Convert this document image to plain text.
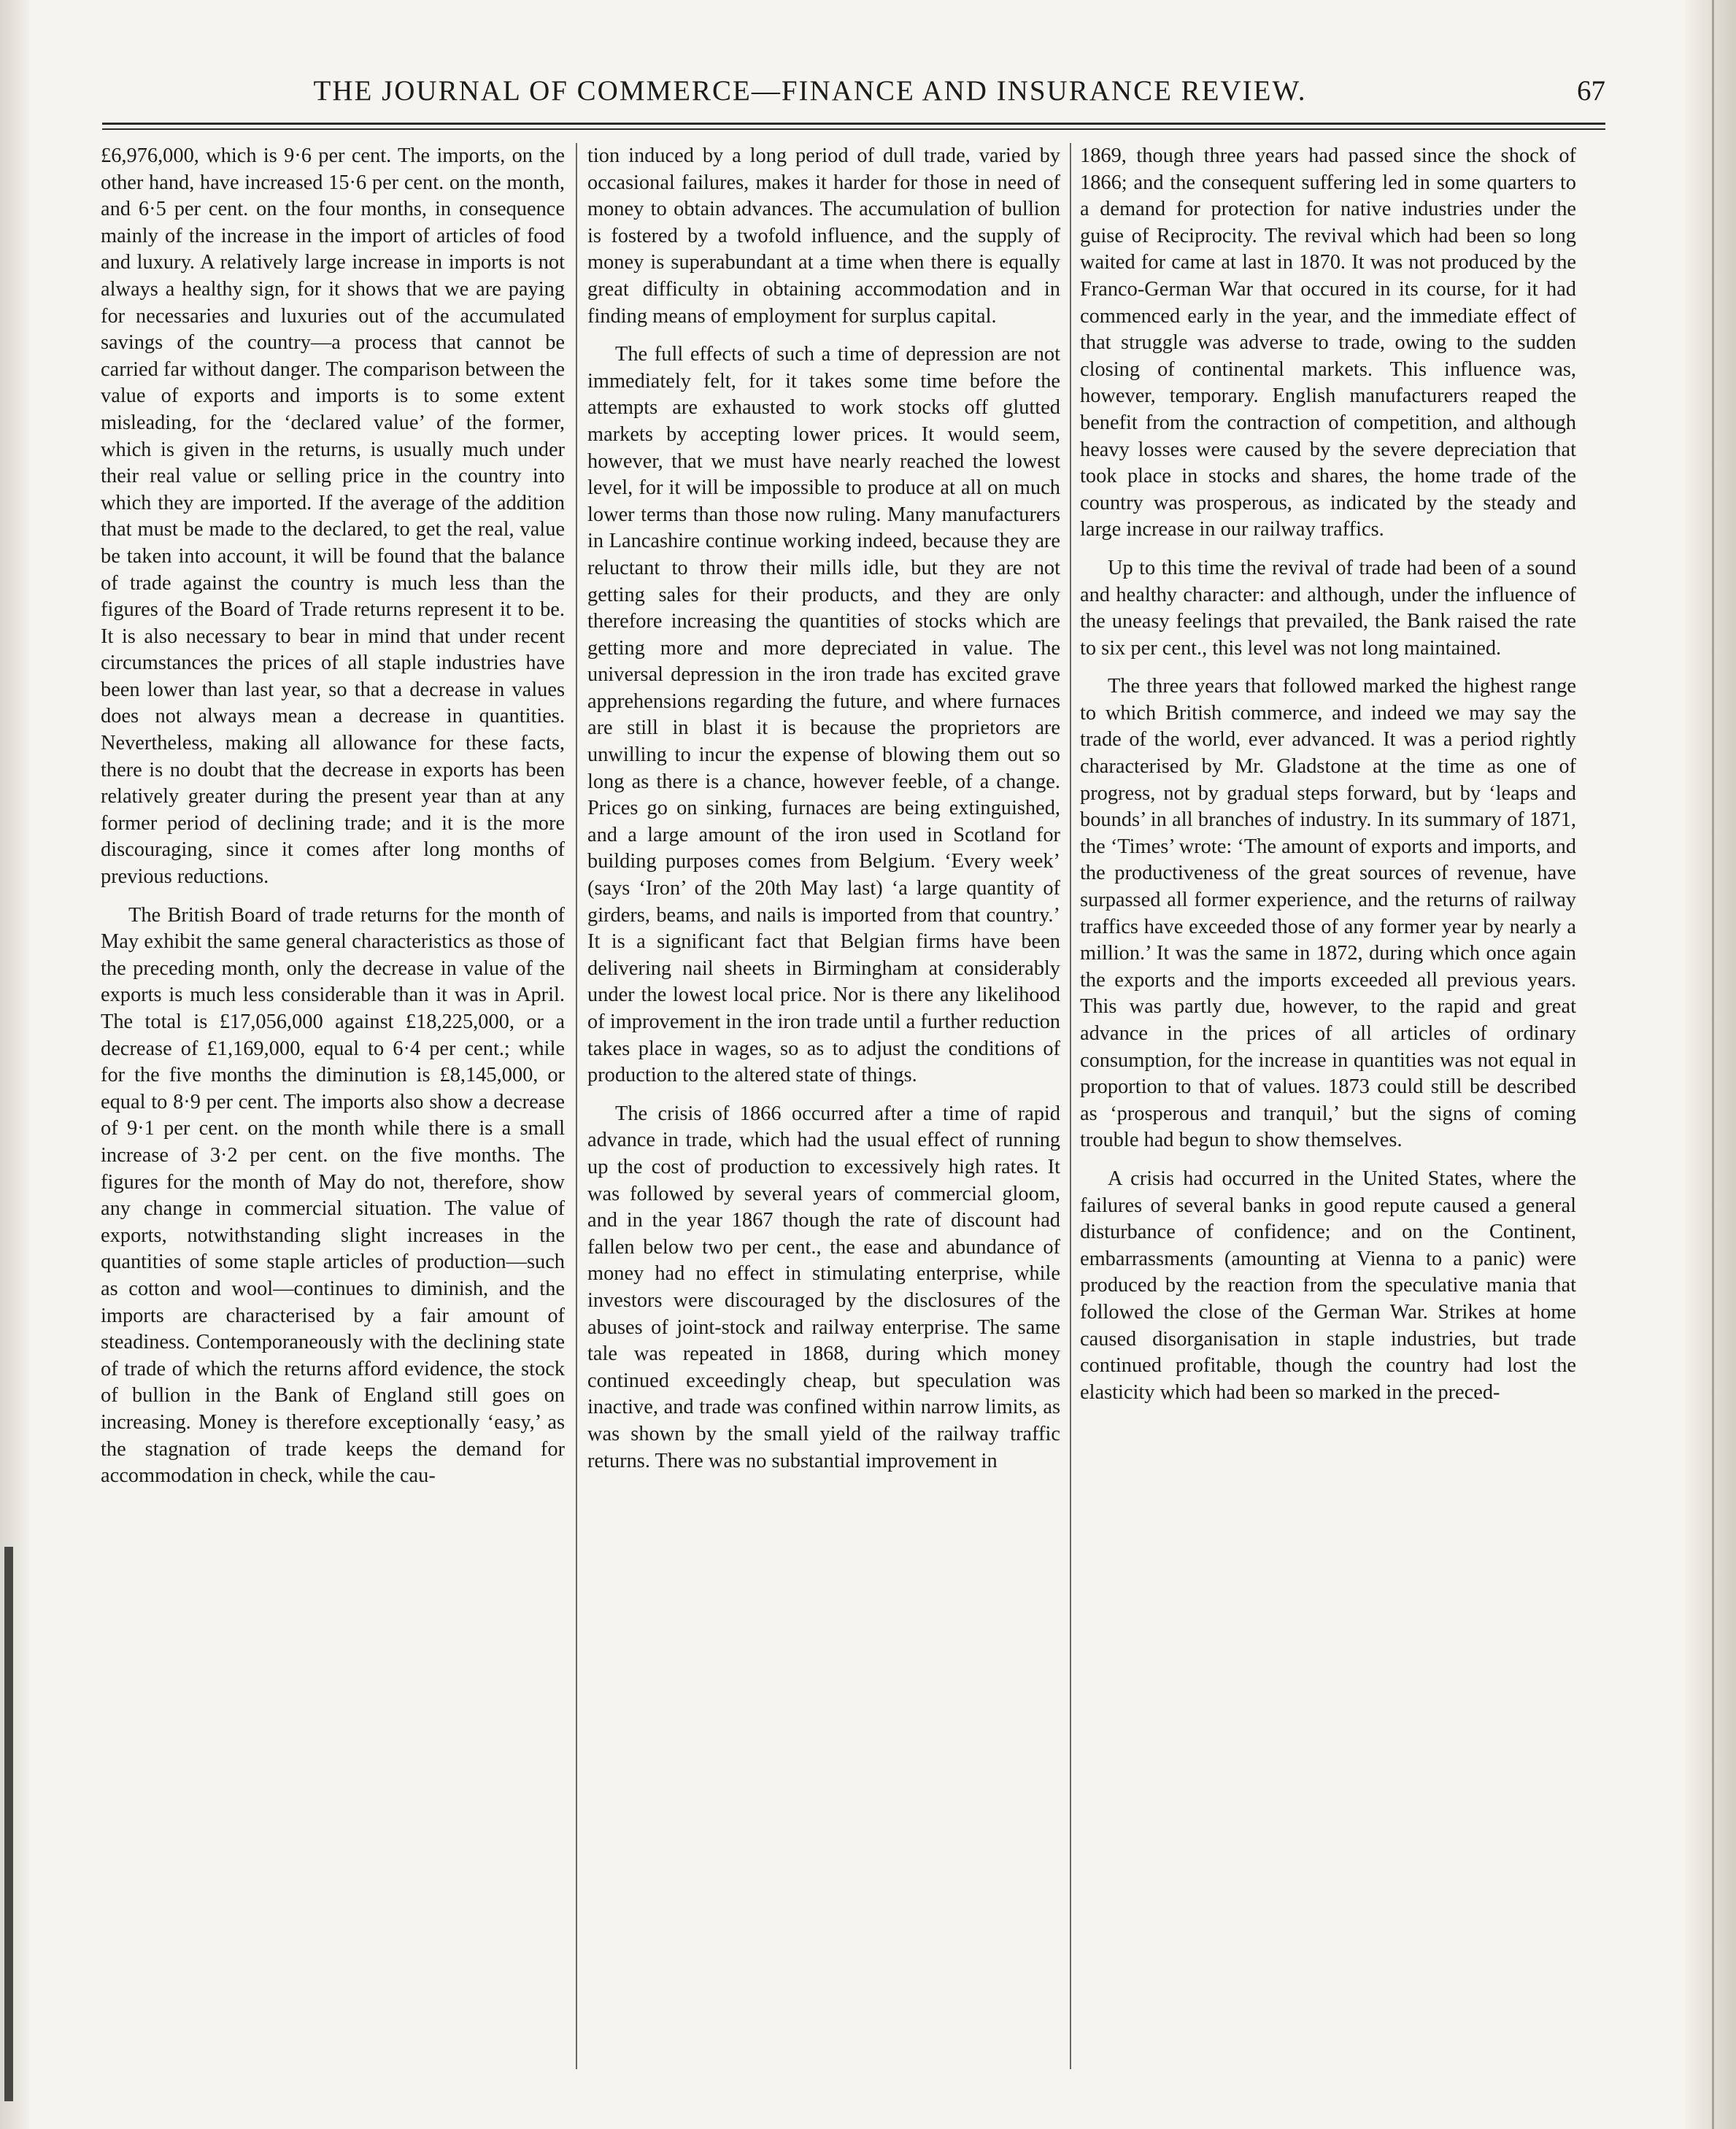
THE JOURNAL OF COMMERCE—FINANCE AND INSURANCE REVIEW.	67

£6,976,000, which is 9·6 per cent. The imports, on the other hand, have increased 15·6 per cent. on the month, and 6·5 per cent. on the four months, in consequence mainly of the increase in the import of articles of food and luxury. A relatively large increase in imports is not always a healthy sign, for it shows that we are paying for necessaries and luxuries out of the accumulated savings of the country—a process that cannot be carried far without danger. The comparison between the value of exports and imports is to some extent misleading, for the ‘declared value’ of the former, which is given in the returns, is usually much under their real value or selling price in the country into which they are imported. If the average of the addition that must be made to the declared, to get the real, value be taken into account, it will be found that the balance of trade against the country is much less than the figures of the Board of Trade returns represent it to be. It is also necessary to bear in mind that under recent circumstances the prices of all staple industries have been lower than last year, so that a decrease in values does not always mean a decrease in quantities. Nevertheless, making all allowance for these facts, there is no doubt that the decrease in exports has been relatively greater during the present year than at any former period of declining trade; and it is the more discouraging, since it comes after long months of previous reductions.

The British Board of trade returns for the month of May exhibit the same general characteristics as those of the preceding month, only the decrease in value of the exports is much less considerable than it was in April. The total is £17,056,000 against £18,225,000, or a decrease of £1,169,000, equal to 6·4 per cent.; while for the five months the diminution is £8,145,000, or equal to 8·9 per cent. The imports also show a decrease of 9·1 per cent. on the month while there is a small increase of 3·2 per cent. on the five months. The figures for the month of May do not, therefore, show any change in commercial situation. The value of exports, notwithstanding slight increases in the quantities of some staple articles of production—such as cotton and wool—continues to diminish, and the imports are characterised by a fair amount of steadiness. Contemporaneously with the declining state of trade of which the returns afford evidence, the stock of bullion in the Bank of England still goes on increasing. Money is therefore exceptionally ‘easy,’ as the stagnation of trade keeps the demand for accommodation in check, while the cau-

tion induced by a long period of dull trade, varied by occasional failures, makes it harder for those in need of money to obtain advances. The accumulation of bullion is fostered by a twofold influence, and the supply of money is superabundant at a time when there is equally great difficulty in obtaining accommodation and in finding means of employment for surplus capital.

The full effects of such a time of depression are not immediately felt, for it takes some time before the attempts are exhausted to work stocks off glutted markets by accepting lower prices. It would seem, however, that we must have nearly reached the lowest level, for it will be impossible to produce at all on much lower terms than those now ruling. Many manufacturers in Lancashire continue working indeed, because they are reluctant to throw their mills idle, but they are not getting sales for their products, and they are only therefore increasing the quantities of stocks which are getting more and more depreciated in value. The universal depression in the iron trade has excited grave apprehensions regarding the future, and where furnaces are still in blast it is because the proprietors are unwilling to incur the expense of blowing them out so long as there is a chance, however feeble, of a change. Prices go on sinking, furnaces are being extinguished, and a large amount of the iron used in Scotland for building purposes comes from Belgium. ‘Every week’ (says ‘Iron’ of the 20th May last) ‘a large quantity of girders, beams, and nails is imported from that country.’ It is a significant fact that Belgian firms have been delivering nail sheets in Birmingham at considerably under the lowest local price. Nor is there any likelihood of improvement in the iron trade until a further reduction takes place in wages, so as to adjust the conditions of production to the altered state of things.

The crisis of 1866 occurred after a time of rapid advance in trade, which had the usual effect of running up the cost of production to excessively high rates. It was followed by several years of commercial gloom, and in the year 1867 though the rate of discount had fallen below two per cent., the ease and abundance of money had no effect in stimulating enterprise, while investors were discouraged by the disclosures of the abuses of joint-stock and railway enterprise. The same tale was repeated in 1868, during which money continued exceedingly cheap, but speculation was inactive, and trade was confined within narrow limits, as was shown by the small yield of the railway traffic returns. There was no substantial improvement in

1869, though three years had passed since the shock of 1866; and the consequent suffering led in some quarters to a demand for protection for native industries under the guise of Reciprocity. The revival which had been so long waited for came at last in 1870. It was not produced by the Franco-German War that occured in its course, for it had commenced early in the year, and the immediate effect of that struggle was adverse to trade, owing to the sudden closing of continental markets. This influence was, however, temporary. English manufacturers reaped the benefit from the contraction of competition, and although heavy losses were caused by the severe depreciation that took place in stocks and shares, the home trade of the country was prosperous, as indicated by the steady and large increase in our railway traffics.

Up to this time the revival of trade had been of a sound and healthy character: and although, under the influence of the uneasy feelings that prevailed, the Bank raised the rate to six per cent., this level was not long maintained.

The three years that followed marked the highest range to which British commerce, and indeed we may say the trade of the world, ever advanced. It was a period rightly characterised by Mr. Gladstone at the time as one of progress, not by gradual steps forward, but by ‘leaps and bounds’ in all branches of industry. In its summary of 1871, the ‘Times’ wrote: ‘The amount of exports and imports, and the productiveness of the great sources of revenue, have surpassed all former experience, and the returns of railway traffics have exceeded those of any former year by nearly a million.’ It was the same in 1872, during which once again the exports and the imports exceeded all previous years. This was partly due, however, to the rapid and great advance in the prices of all articles of ordinary consumption, for the increase in quantities was not equal in proportion to that of values. 1873 could still be described as ‘prosperous and tranquil,’ but the signs of coming trouble had begun to show themselves.

A crisis had occurred in the United States, where the failures of several banks in good repute caused a general disturbance of confidence; and on the Continent, embarrassments (amounting at Vienna to a panic) were produced by the reaction from the speculative mania that followed the close of the German War. Strikes at home caused disorganisation in staple industries, but trade continued profitable, though the country had lost the elasticity which had been so marked in the preced-
